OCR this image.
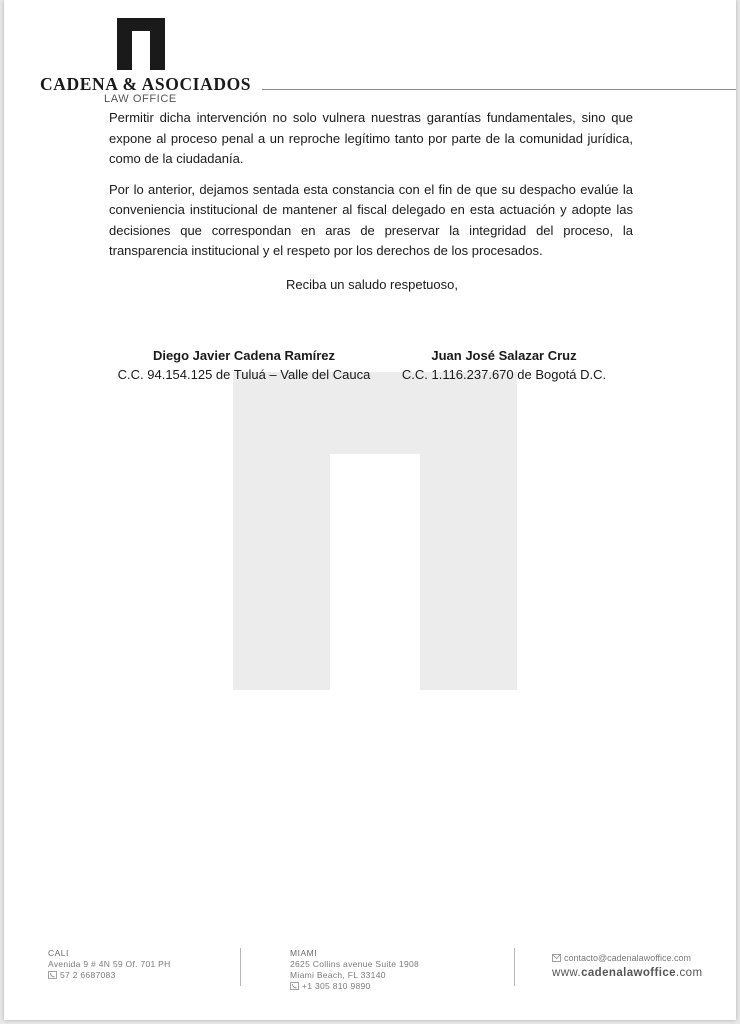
CADENA & ASOCIADOS
LAW OFFICE

Permitir dicha intervención no solo vulnera nuestras garantías fundamentales, sino que expone al proceso penal a un reproche legítimo tanto por parte de la comunidad jurídica, como de la ciudadanía.

Por lo anterior, dejamos sentada esta constancia con el fin de que su despacho evalúe la conveniencia institucional de mantener al fiscal delegado en esta actuación y adopte las decisiones que correspondan en aras de preservar la integridad del proceso, la transparencia institucional y el respeto por los derechos de los procesados.

Reciba un saludo respetuoso,

Diego Javier Cadena Ramírez
C.C. 94.154.125 de Tuluá – Valle del Cauca
Juan José Salazar Cruz
C.C. 1.116.237.670 de Bogotá D.C.
CALI
Avenida 9 # 4N 59 Of. 701 PH
57 2 6687083
MIAMI
2625 Collins avenue Suite 1908
Miami Beach, FL 33140
+1 305 810 9890
contacto@cadenalawoffice.com
www.cadenalawoffice.com
